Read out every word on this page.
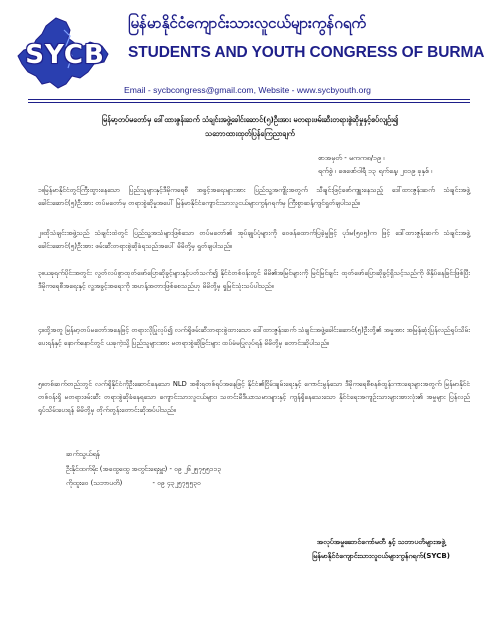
SYCB
မြန်မာနိုင်ငံကျောင်းသားလူငယ်များကွန်ဂရက်
STUDENTS AND YOUTH CONGRESS OF BURMA
Email - sycbcongress@gmail.com, Website - www.sycbyouth.org
မြန်မာ့တပ်မတော်မှ ဒေါ်ထားဇွန်းဆက် သံချင်းအဖွဲ့ခေါင်းဆောင်(၅)ဦးအား မတရားဖမ်းဆီးတရားစွဲဆိုမှုနှင့်စပ်လျဉ်း၍
သဘောထားထုတ်ပြန်ကြေညာချက်
စာအမှတ် - မကက၈/၁၉ ၊
ရက်စွဲ ၊ ဖေဖော်ဝါရီ ၁၃ ရက်နေ့၊ ၂၀၁၉ ခုနှစ် ၊
၁။မြန်မာနိုင်ငံတွင်ကြီးထွားနေသော ပြည်သူများနှင့်ဒီမိုကရေစီ အခွင့်အရေးများအား ပြည်သူ့အကျိုးအတွက် သီချင်းဖြင့်ဖော်ကျူးနေသည့် ဒေါ်ထားဇွန်းဆက် သံချင်းအဖွဲ့ခေါင်းဆောင်(၅)ဦးအား တပ်မတော်မှ တရားစွဲဆိုမှုအပေါ် မြန်မာနိုင်ငံကျောင်းသားလူငယ်များကွန်ဂရက်မှ ကြီးစွာဆန့်ကျင်ရှုတ်ချပါသည်။
၂။ထိုသံချင်းအဖွဲ့သည် သံချင်းထဲတွင် ပြည်သူ့အသံများဖြစ်သော တပ်မတော်၏ အုပ်ချုပ်ပုံများကို ဝေဖန်ထောက်ပြခဲ့မှုဖြင့် ပုဒ်မ(၅၀၅)က ဖြင့် ဒေါ်ထားဇွန်းဆက် သံချင်းအဖွဲ့ခေါင်းဆောင်(၅)ဦးအား ဖမ်းဆီးတရားစွဲဆိုခံရသည်အပေါ် မိမိတို့မှ ရှုတ်ချပါသည်။
၃။ယခုရက်ပိုင်းအတွင်း လွတ်လပ်စွာထုတ်ဖော်ပြောဆိုခွင့်များနှင့်ပတ်သက်၍ နိုင်ငံတစ်ဝန်းတွင် မိမိ၏အမြင်များကို မြင်မြင်ချင်း ထုတ်ဖော်ပြောဆိုခွင့်ရှိသင့်သည်ကို ဖိနှိပ်နေခြင်းဖြစ်ပြီး ဒီမိုကရေစီအရေးနှင့် လူ့အခွင့်အရေးကို အဟန့်အတားဖြစ်စေသည်ဟု မိမိတို့မှ ရှုမြင်သုံးသပ်ပါသည်။
၄။ထို့အတူ မြန်မာ့တပ်မတော်အနေဖြင့် တရားလိုပြုလုပ်၍ လက်ရှိဖမ်းဆီးတရားစွဲထားသော ဒေါ်ထားဇွန်းဆက် သံချင်းအဖွဲ့ခေါင်းဆောင်(၅)ဦးတို့၏ အမှုအား အမြန်ဆုံးပြန်လည်ရုပ်သိမ်းပေးရန်နှင့် နောက်နောင်တွင် ယခုကဲ့သို့ ပြည်သူများအား မတရားစွဲဆိုခြင်းများ ထပ်မံမပြုလုပ်ရန် မိမိတို့မှ တောင်းဆိုပါသည်။
၅။တစ်ဆက်တည်းတွင် လက်ရှိနိုင်ငံကိုဦးဆောင်နေသော NLD အစိုးရတစ်ရပ်အနေဖြင့် နိုင်ငံ၏ငြိမ်းချမ်းရေးနှင့် ကောင်းမွန်သော ဒီမိုကရေစီစနစ်ထွန်းကားရေးများအတွက် မြန်မာနိုင်ငံတစ်ဝန်းရှိ မတရားဖမ်းဆီး တရားစွဲဆိုခံနေရသော ကျောင်းသားလူငယ်များ၊ သတင်းမီဒီယာသမားများနှင့် ကျန်ရှိနေသေးသော နိုင်ငံရေးအကျဉ်းသားများအားလုံး၏ အမှုများ ပြန်လည်ရုပ်သိမ်းပေးရန် မိမိတို့မှ တိုက်တွန်းတောင်းဆိုအပ်ပါသည်။
ဆက်သွယ်ရန်
ဦးနိုင်ထက်မိုး (အထွေထွေ အတွင်းရေးမှူး) - ၀၉ ၂၆၂၅၇၅၅၁၁၃
ကိုထူးဝေ (သဘာပတိ)	- ၀၉ ၄၃၂၅၇၅၅၃၀
အလုပ်အမှုဆောင်ကော်မတီ နှင့် သဘာပတိများအဖွဲ့
မြန်မာနိုင်ငံကျောင်းသားလူငယ်များကွန်ဂရက်(SYCB)
